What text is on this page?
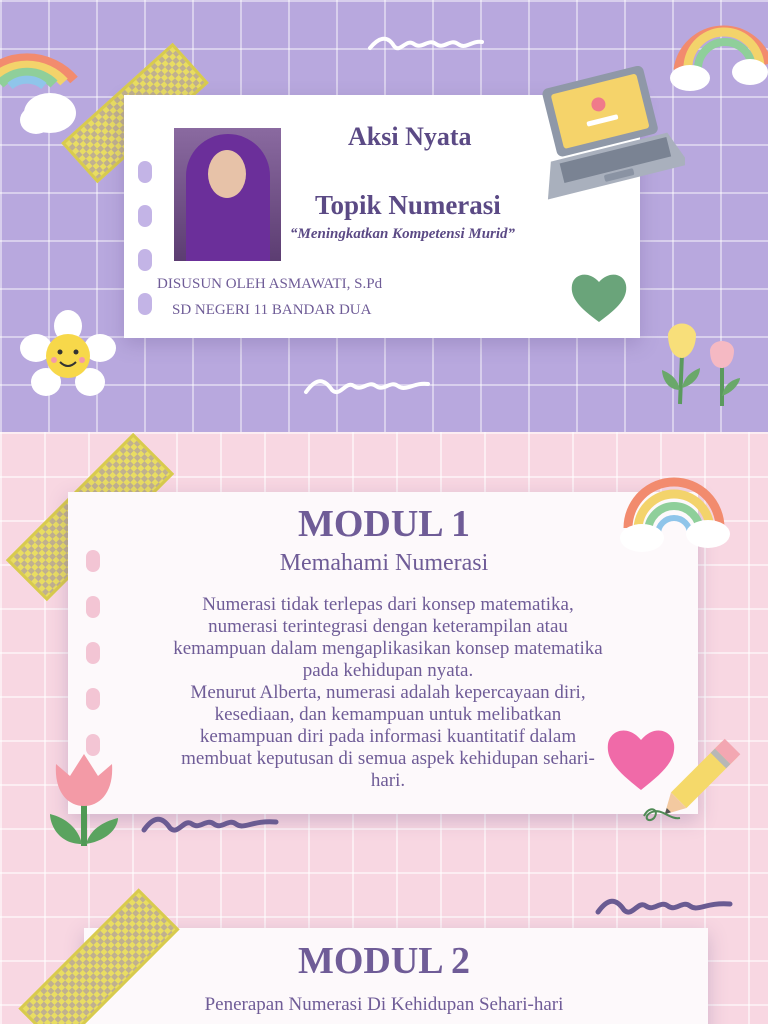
Aksi Nyata
Topik Numerasi
“Meningkatkan Kompetensi Murid”
DISUSUN OLEH ASMAWATI, S.Pd
SD NEGERI 11 BANDAR DUA
MODUL 1
Memahami Numerasi
Numerasi tidak terlepas dari konsep matematika,
numerasi terintegrasi dengan keterampilan atau
kemampuan dalam mengaplikasikan konsep matematika
pada kehidupan nyata.
Menurut Alberta, numerasi adalah kepercayaan diri,
kesediaan, dan kemampuan untuk melibatkan
kemampuan diri pada informasi kuantitatif dalam
membuat keputusan di semua aspek kehidupan sehari-
hari.
MODUL 2
Penerapan Numerasi Di Kehidupan Sehari-hari
